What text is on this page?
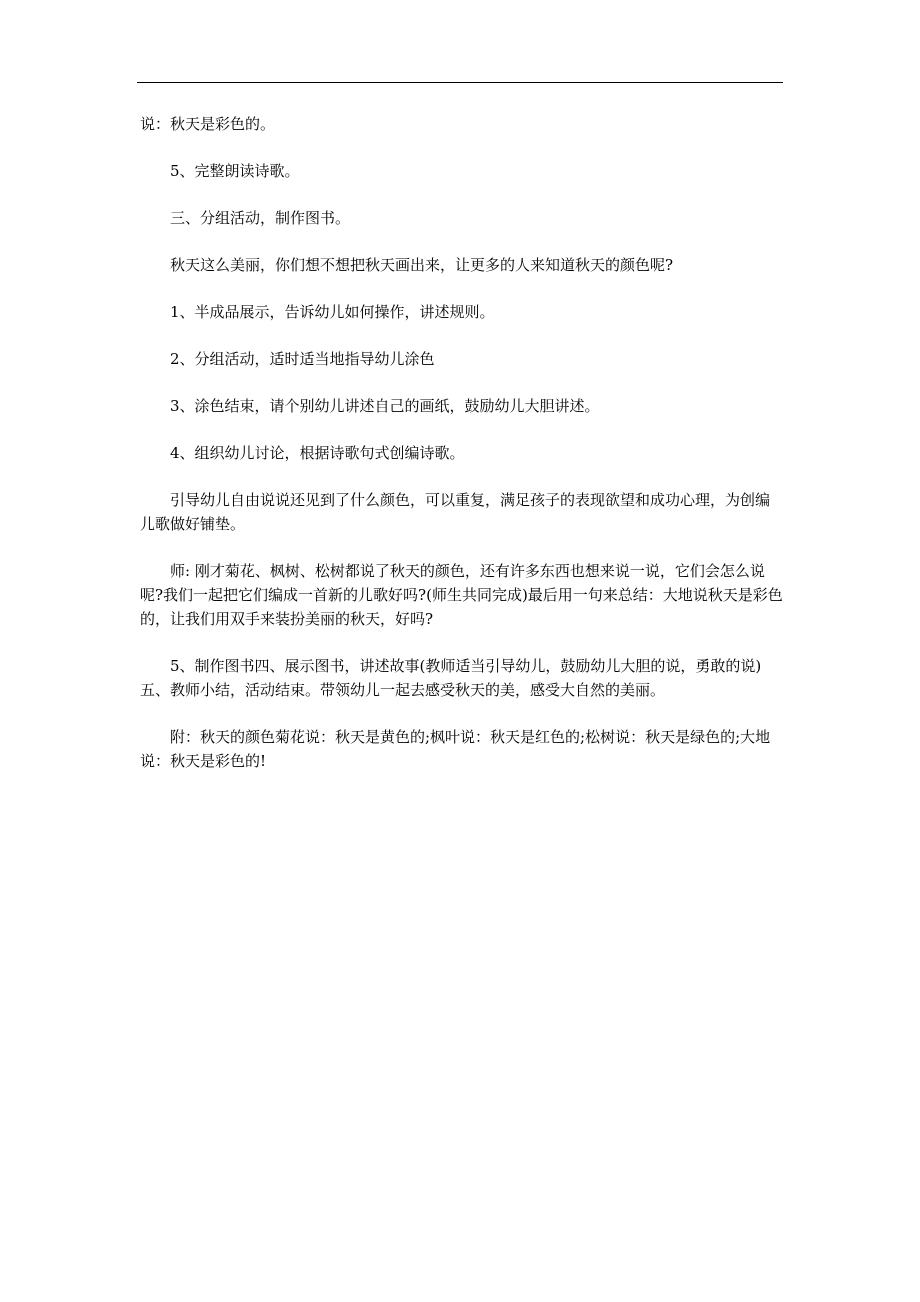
说：秋天是彩色的。

5、完整朗读诗歌。

三、分组活动，制作图书。

秋天这么美丽，你们想不想把秋天画出来，让更多的人来知道秋天的颜色呢?

1、半成品展示，告诉幼儿如何操作，讲述规则。

2、分组活动，适时适当地指导幼儿涂色

3、涂色结束，请个别幼儿讲述自己的画纸，鼓励幼儿大胆讲述。

4、组织幼儿讨论，根据诗歌句式创编诗歌。

引导幼儿自由说说还见到了什么颜色，可以重复，满足孩子的表现欲望和成功心理，为创编儿歌做好铺垫。

师: 刚才菊花、枫树、松树都说了秋天的颜色，还有许多东西也想来说一说，它们会怎么说呢?我们一起把它们编成一首新的儿歌好吗?(师生共同完成)最后用一句来总结：大地说秋天是彩色的，让我们用双手来装扮美丽的秋天，好吗?

5、制作图书四、展示图书，讲述故事(教师适当引导幼儿，鼓励幼儿大胆的说，勇敢的说)五、教师小结，活动结束。带领幼儿一起去感受秋天的美，感受大自然的美丽。

附：秋天的颜色菊花说：秋天是黄色的;枫叶说：秋天是红色的;松树说：秋天是绿色的;大地说：秋天是彩色的!
